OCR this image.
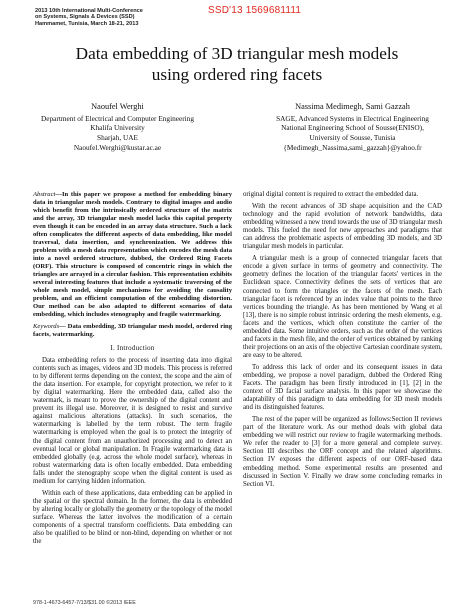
2013 10th International Multi-Conference
on Systems, Signals & Devices (SSD)
Hammamet, Tunisia, March 18-21, 2013
SSD'13 1569681111
Data embedding of 3D triangular mesh models
using ordered ring facets
Naoufel Werghi
Department of Electrical and Computer Engineering
Khalifa University
Sharjah, UAE
Naoufel.Werghi@kustar.ac.ae
Nassima Medimegh, Sami Gazzah
SAGE, Advanced Systems in Electrical Engineering
National Engineering School of Sousse(ENISO),
University of Sousse, Tunisia
{Medimegh_Nassima,sami_gazzah}@yahoo.fr

Abstract—In this paper we propose a method for embedding binary data in triangular mesh models. Contrary to digital images and audio which benefit from the intrinsically ordered structure of the matrix and the array, 3D triangular mesh model lacks this capital property even though it can be encoded in an array data structure. Such a lack often complicates the different aspects of data embedding, like model traversal, data insertion, and synchronization. We address this problem with a mesh data representation which encodes the mesh data into a novel ordered structure, dubbed, the Ordered Ring Facets (ORF). This structure is composed of concentric rings in which the triangles are arrayed in a circular fashion. This representation exhibits several interesting features that include a systematic traversing of the whole mesh model, simple mechanisms for avoiding the causality problem, and an efficient computation of the embedding distortion. Our method can be also adapted to different scenarios of data embedding, which includes stenography and fragile watermarking.

Keywords— Data embedding, 3D triangular mesh model, ordered ring facets, watermarking.

I. Introduction

Data embedding refers to the process of inserting data into digital contents such as images, videos and 3D models. This process is referred to by different terms depending on the context, the scope and the aim of the data insertion. For example, for copyright protection, we refer to it by digital watermarking. Here the embedded data, called also the watermark, is meant to prove the ownership of the digital content and prevent its illegal use. Moreover, it is designed to resist and survive against malicious alterations (attacks). In such scenarios, the watermarking is labelled by the term robust. The term fragile watermarking is employed when the goal is to protect the integrity of the digital content from an unauthorized processing and to detect an eventual local or global manipulation. In Fragile watermarking data is embedded globally (e.g. across the whole model surface), whereas in robust watermarking data is often locally embedded. Data embedding falls under the stenography scope when the digital content is used as medium for carrying hidden information.

Within each of these applications, data embedding can be applied in the spatial or the spectral domain. In the former, the data is embedded by altering locally or globally the geometry or the topology of the model surface. Whereas the latter involves the modification of a certain components of a spectral transform coefficients. Data embedding can also be qualified to be blind or non-blind, depending on whether or not the

original digital content is required to extract the embedded data.

With the recent advances of 3D shape acquisition and the CAD technology and the rapid evolution of network bandwidths, data embedding witnessed a new trend towards the use of 3D triangular mesh models. This fueled the need for new approaches and paradigms that can address the problematic aspects of embedding 3D models, and 3D triangular mesh models in particular.

A triangular mesh is a group of connected triangular facets that encode a given surface in terms of geometry and connectivity. The geometry defines the location of the triangular facets' vertices in the Euclidean space. Connectivity defines the sets of vertices that are connected to form the triangles or the facets of the mesh. Each triangular facet is referenced by an index value that points to the three vertices bounding the triangle. As has been mentioned by Wang et al [13], there is no simple robust intrinsic ordering the mesh elements, e.g. facets and the vertices, which often constitute the carrier of the embedded data. Some intuitive orders, such as the order of the vertices and facets in the mesh file, and the order of vertices obtained by ranking their projections on an axis of the objective Cartesian coordinate system, are easy to be altered.

To address this lack of order and its consequent issues in data embedding, we propose a novel paradigm, dubbed the Ordered Ring Facets. The paradigm has been firstly introduced in [1], [2] in the context of 3D facial surface analysis. In this paper we showcase the adaptability of this paradigm to data embedding for 3D mesh models and its distinguished features.

The rest of the paper will be organized as follows:Section II reviews part of the literature work. As our method deals with global data embedding we will restrict our review to fragile watermarking methods. We refer the reader to [3] for a more general and complete survey. Section III describes the ORF concept and the related algorithms. Section IV exposes the different aspects of our ORF-based data embedding method. Some experimental results are presented and discussed in Section V. Finally we draw some concluding remarks in Section VI.

978-1-4673-6457-7/13/$31.00 ©2013 IEEE
